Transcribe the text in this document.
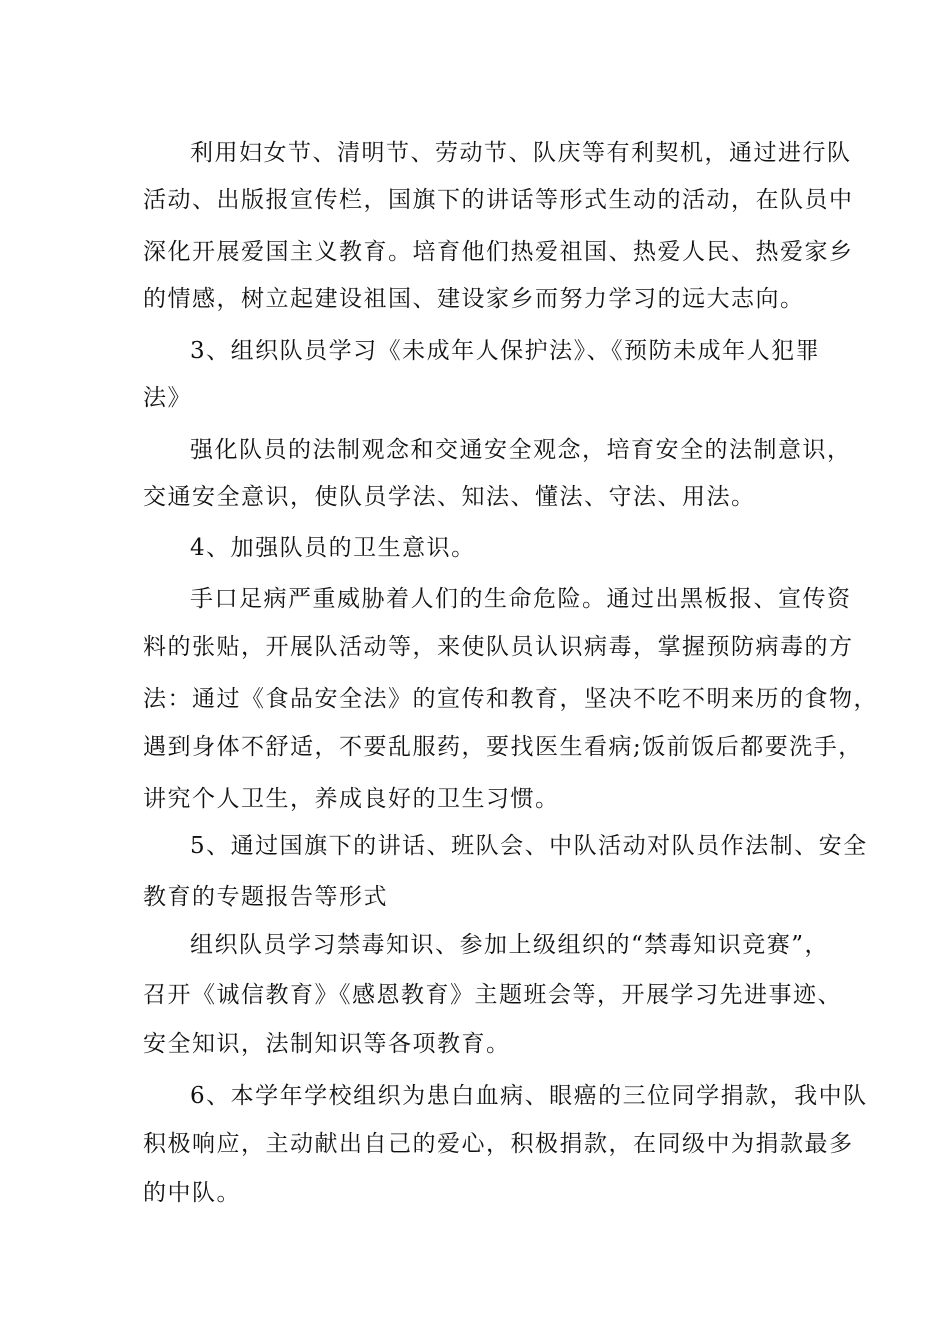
利用妇女节、清明节、劳动节、队庆等有利契机，通过进行队
活动、出版报宣传栏，国旗下的讲话等形式生动的活动，在队员中
深化开展爱国主义教育。培育他们热爱祖国、热爱人民、热爱家乡
的情感，树立起建设祖国、建设家乡而努力学习的远大志向。
3、组织队员学习《未成年人保护法》、《预防未成年人犯罪
法》
强化队员的法制观念和交通安全观念，培育安全的法制意识，
交通安全意识，使队员学法、知法、懂法、守法、用法。
4、加强队员的卫生意识。
手口足病严重威胁着人们的生命危险。通过出黑板报、宣传资
料的张贴，开展队活动等，来使队员认识病毒，掌握预防病毒的方
法：通过《食品安全法》的宣传和教育，坚决不吃不明来历的食物，
遇到身体不舒适，不要乱服药，要找医生看病;饭前饭后都要洗手，
讲究个人卫生，养成良好的卫生习惯。
5、通过国旗下的讲话、班队会、中队活动对队员作法制、安全
教育的专题报告等形式
组织队员学习禁毒知识、参加上级组织的“禁毒知识竞赛”，
召开《诚信教育》《感恩教育》主题班会等，开展学习先进事迹、
安全知识，法制知识等各项教育。
6、本学年学校组织为患白血病、眼癌的三位同学捐款，我中队
积极响应，主动献出自己的爱心，积极捐款，在同级中为捐款最多
的中队。
